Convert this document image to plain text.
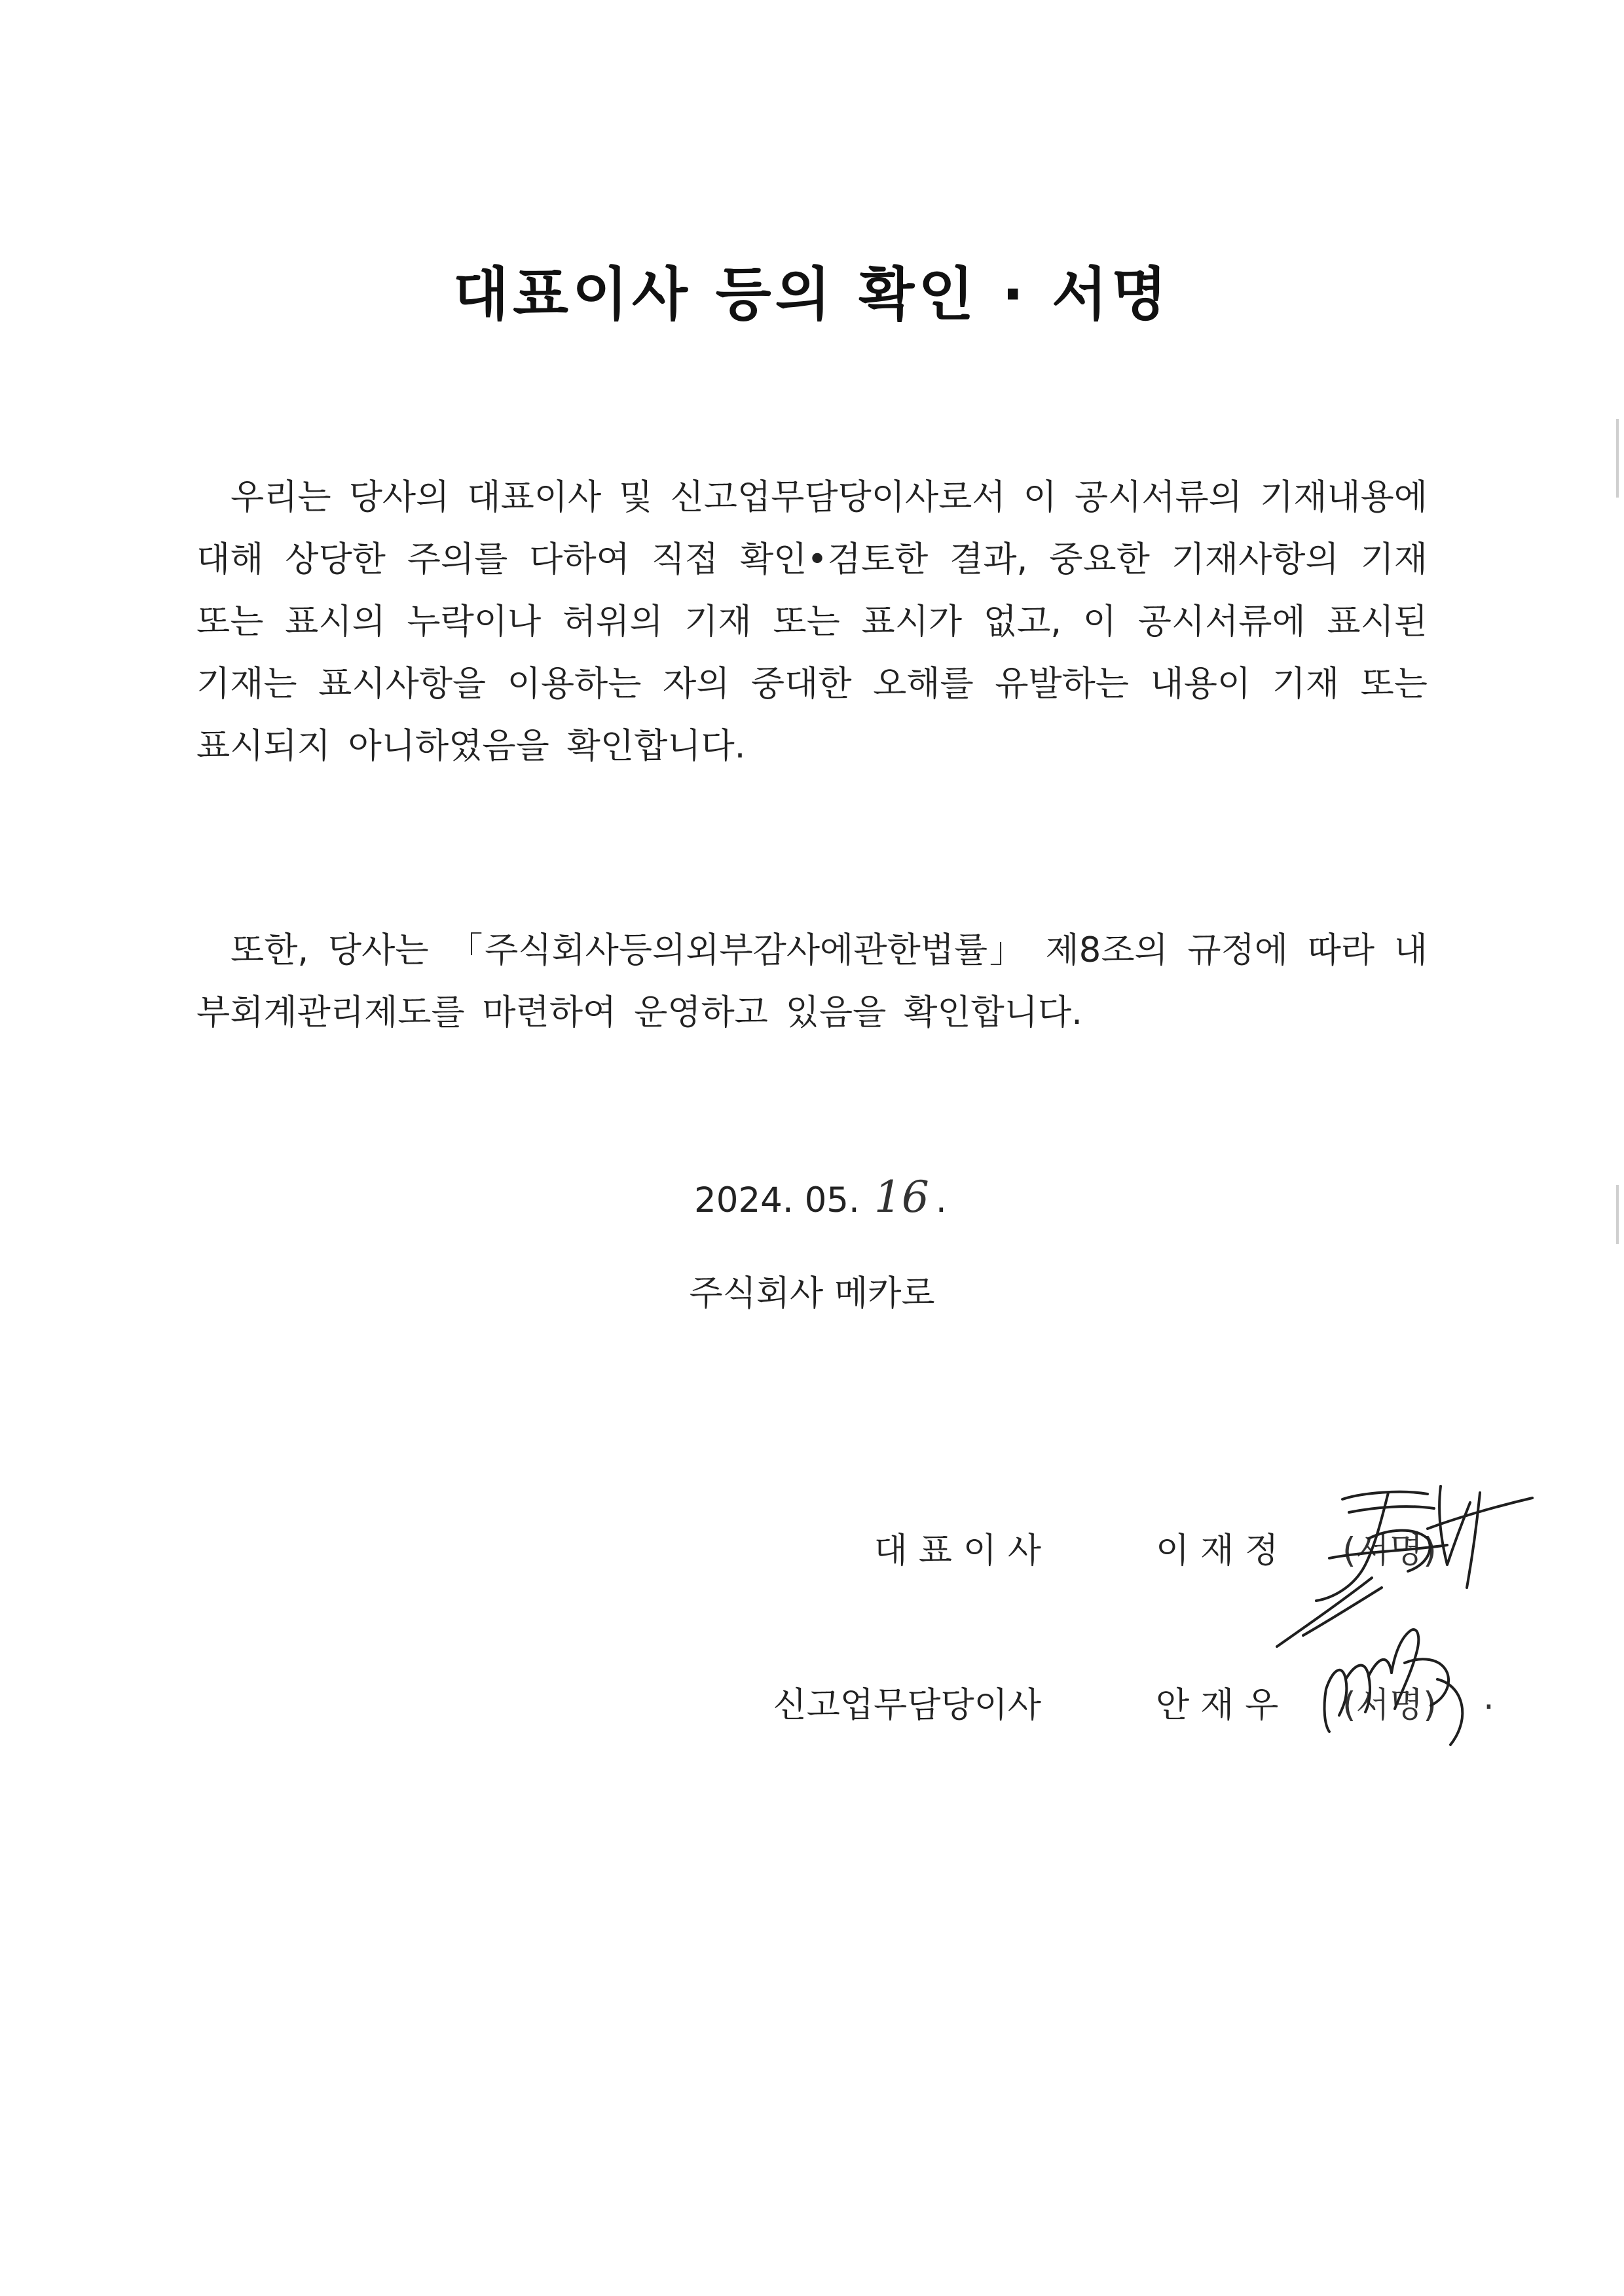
대표이사 등의 확인 · 서명

우리는 당사의 대표이사 및 신고업무담당이사로서 이 공시서류의 기재내용에 대해 상당한 주의를 다하여 직접 확인•검토한 결과, 중요한 기재사항의 기재 또는 표시의 누락이나 허위의 기재 또는 표시가 없고, 이 공시서류에 표시된 기재는 표시사항을 이용하는 자의 중대한 오해를 유발하는 내용이 기재 또는 표시되지 아니하였음을 확인합니다.

또한, 당사는 「주식회사등의외부감사에관한법률」 제8조의 규정에 따라 내부회계관리제도를 마련하여 운영하고 있음을 확인합니다.

2024. 05. 16 .
주식회사 메카로
대 표 이 사	이 재 정 (서명)
신고업무담당이사	안 재 우 (서명) .
